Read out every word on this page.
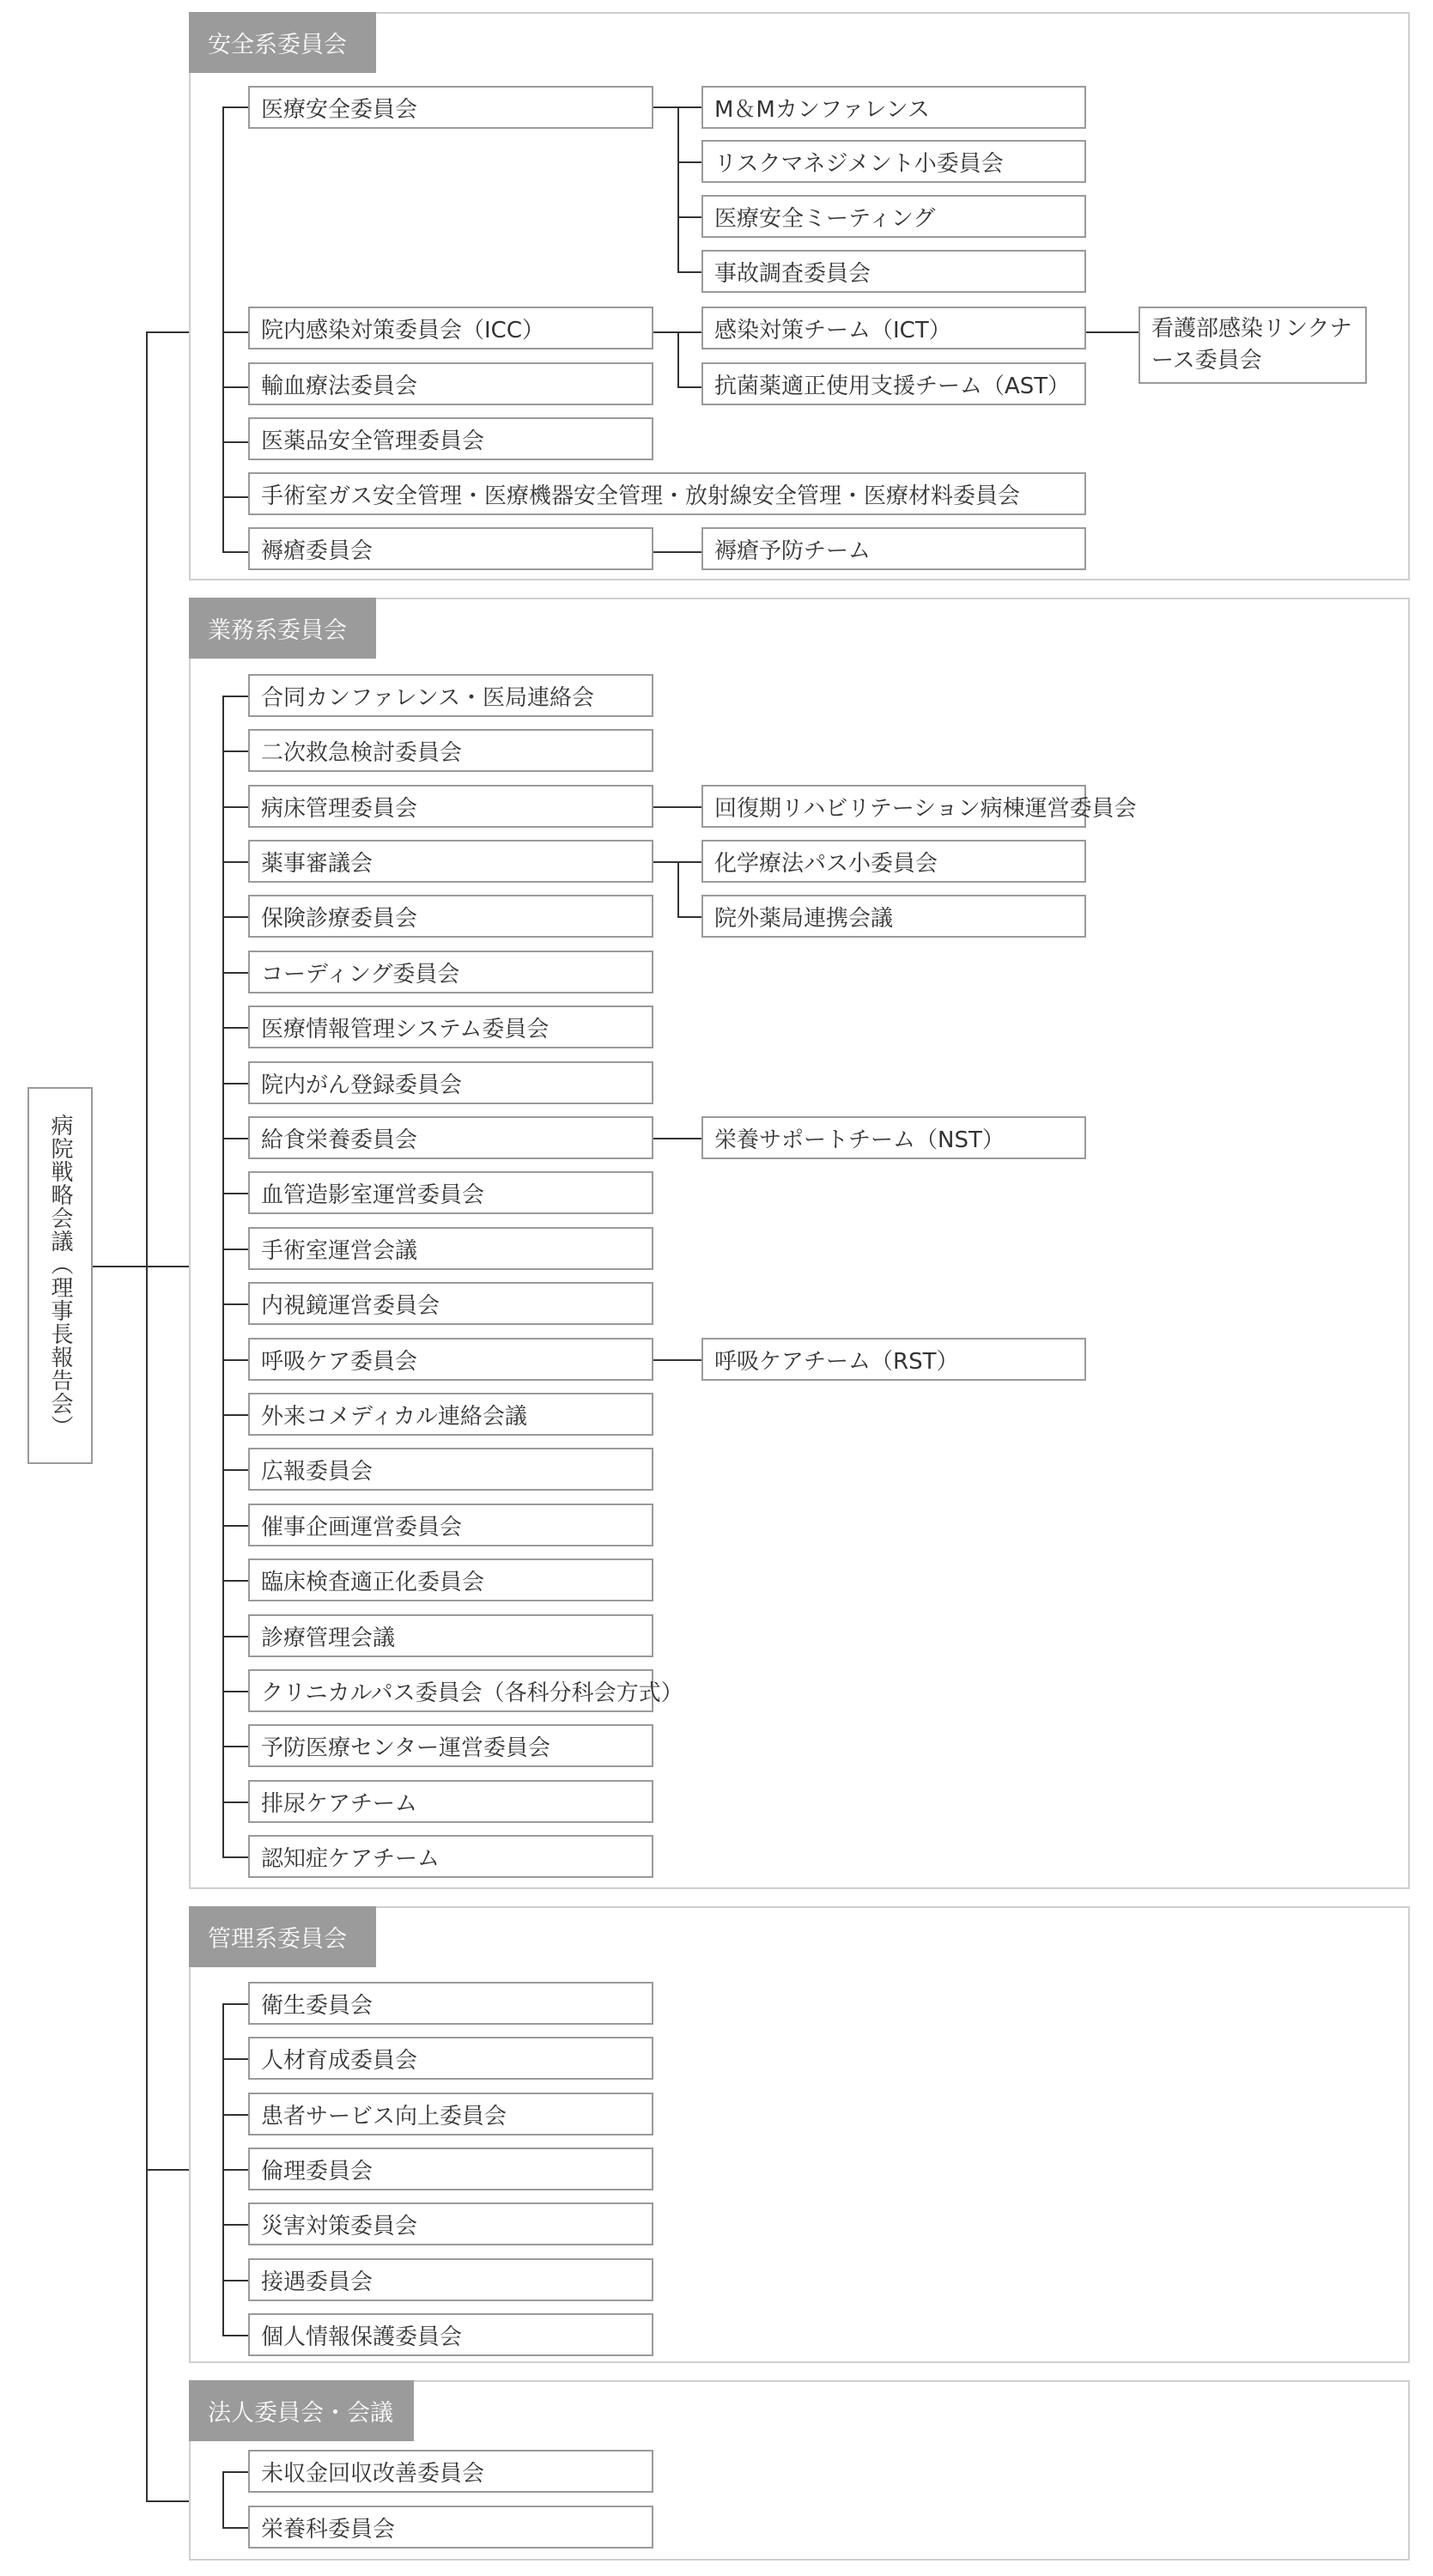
病院戦略会議（理事長報告会）
安全系委員会
医療安全委員会
院内感染対策委員会（ICC）
輸血療法委員会
医薬品安全管理委員会
手術室ガス安全管理・医療機器安全管理・放射線安全管理・医療材料委員会
褥瘡委員会
M＆Mカンファレンス
リスクマネジメント小委員会
医療安全ミーティング
事故調査委員会
感染対策チーム（ICT）
抗菌薬適正使用支援チーム（AST）
看護部感染リンクナース委員会
褥瘡予防チーム
業務系委員会
合同カンファレンス・医局連絡会
二次救急検討委員会
病床管理委員会
薬事審議会
保険診療委員会
コーディング委員会
医療情報管理システム委員会
院内がん登録委員会
給食栄養委員会
血管造影室運営委員会
手術室運営会議
内視鏡運営委員会
呼吸ケア委員会
外来コメディカル連絡会議
広報委員会
催事企画運営委員会
臨床検査適正化委員会
診療管理会議
クリニカルパス委員会（各科分科会方式）
予防医療センター運営委員会
排尿ケアチーム
認知症ケアチーム
回復期リハビリテーション病棟運営委員会
化学療法パス小委員会
院外薬局連携会議
栄養サポートチーム（NST）
呼吸ケアチーム（RST）
管理系委員会
衛生委員会
人材育成委員会
患者サービス向上委員会
倫理委員会
災害対策委員会
接遇委員会
個人情報保護委員会
法人委員会・会議
未収金回収改善委員会
栄養科委員会
